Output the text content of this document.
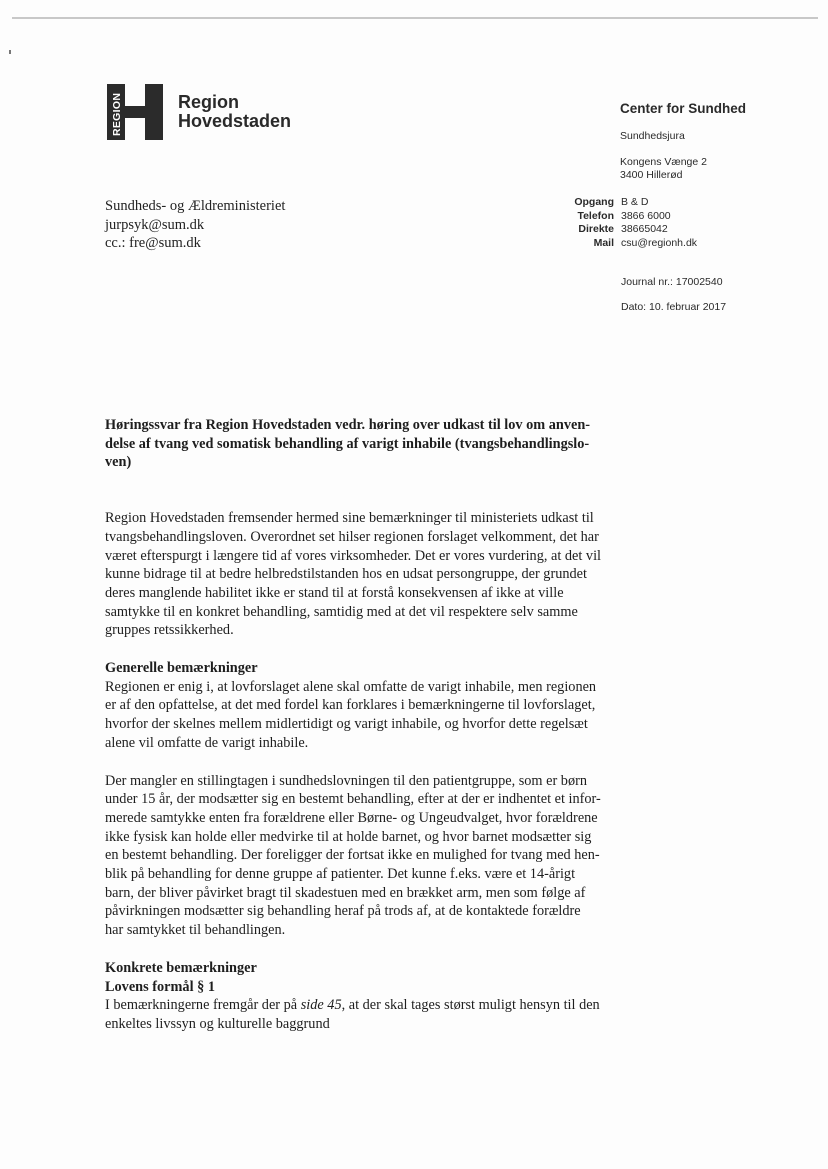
REGION	Region
Hovedstaden
Center for Sundhed
Sundhedsjura
Kongens Vænge 2
3400 Hillerød
Opgang
Telefon
Direkte
Mail
B & D
3866 6000
38665042
csu@regionh.dk
Journal nr.: 17002540
Dato: 10. februar 2017
Sundheds- og Ældreministeriet
jurpsyk@sum.dk
cc.: fre@sum.dk
Høringssvar fra Region Hovedstaden vedr. høring over udkast til lov om anven-
delse af tvang ved somatisk behandling af varigt inhabile (tvangsbehandlingslo-
ven)
Region Hovedstaden fremsender hermed sine bemærkninger til ministeriets udkast til
tvangsbehandlingsloven. Overordnet set hilser regionen forslaget velkomment, det har
været efterspurgt i længere tid af vores virksomheder. Det er vores vurdering, at det vil
kunne bidrage til at bedre helbredstilstanden hos en udsat persongruppe, der grundet
deres manglende habilitet ikke er stand til at forstå konsekvensen af ikke at ville
samtykke til en konkret behandling, samtidig med at det vil respektere selv samme
gruppes retssikkerhed.
Generelle bemærkninger
Regionen er enig i, at lovforslaget alene skal omfatte de varigt inhabile, men regionen
er af den opfattelse, at det med fordel kan forklares i bemærkningerne til lovforslaget,
hvorfor der skelnes mellem midlertidigt og varigt inhabile, og hvorfor dette regelsæt
alene vil omfatte de varigt inhabile.
Der mangler en stillingtagen i sundhedslovningen til den patientgruppe, som er børn
under 15 år, der modsætter sig en bestemt behandling, efter at der er indhentet et infor-
merede samtykke enten fra forældrene eller Børne- og Ungeudvalget, hvor forældrene
ikke fysisk kan holde eller medvirke til at holde barnet, og hvor barnet modsætter sig
en bestemt behandling. Der foreligger der fortsat ikke en mulighed for tvang med hen-
blik på behandling for denne gruppe af patienter. Det kunne f.eks. være et 14-årigt
barn, der bliver påvirket bragt til skadestuen med en brækket arm, men som følge af
påvirkningen modsætter sig behandling heraf på trods af, at de kontaktede forældre
har samtykket til behandlingen.
Konkrete bemærkninger
Lovens formål § 1
I bemærkningerne fremgår der på side 45, at der skal tages størst muligt hensyn til den
enkeltes livssyn og kulturelle baggrund
